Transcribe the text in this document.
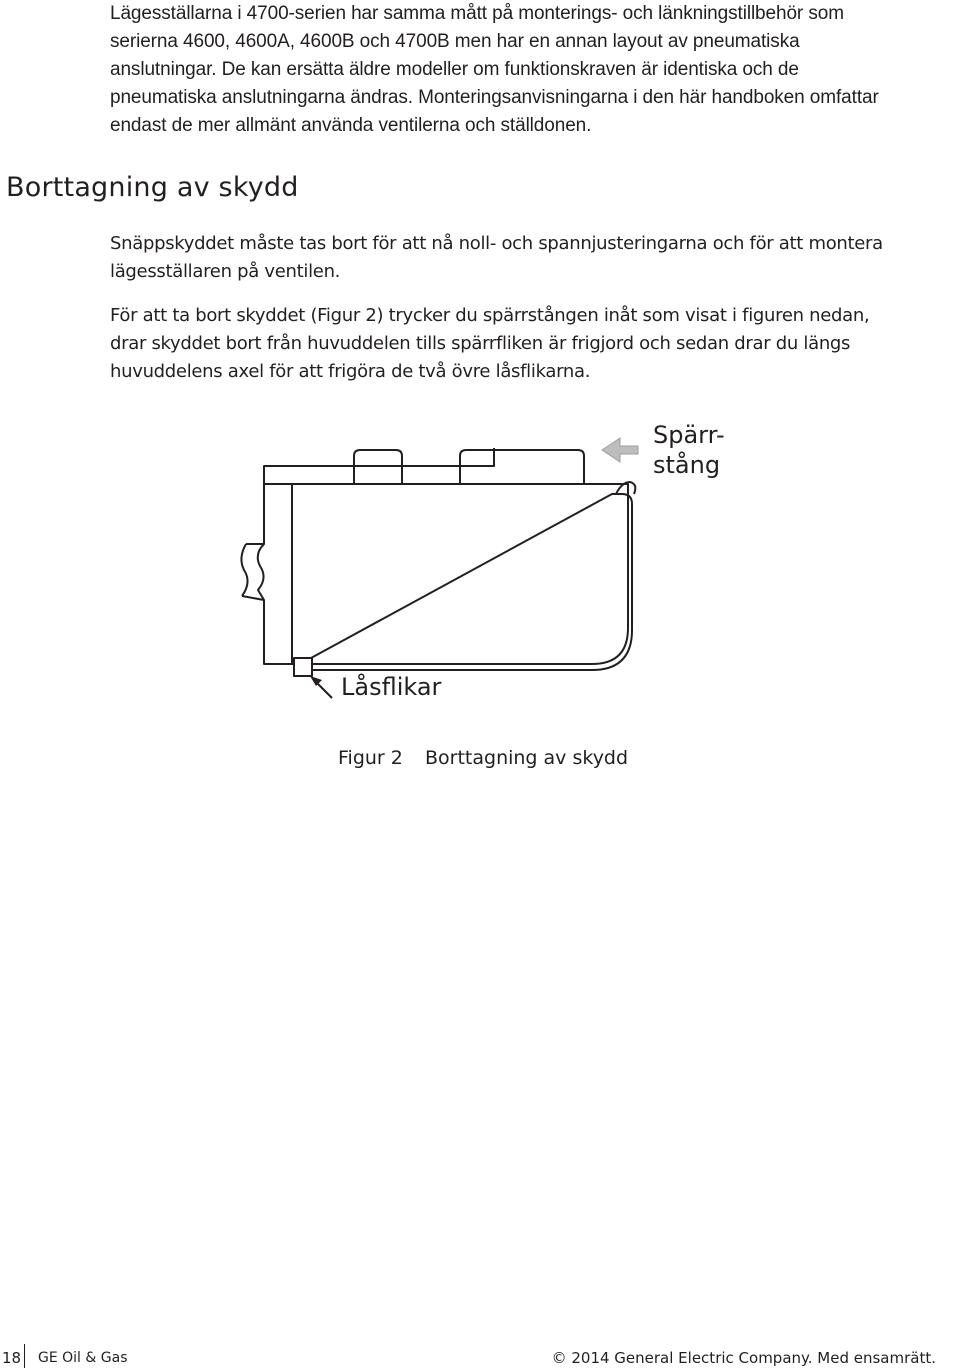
Lägesställarna i 4700-serien har samma mått på monterings- och länkningstillbehör som
serierna 4600, 4600A, 4600B och 4700B men har en annan layout av pneumatiska
anslutningar. De kan ersätta äldre modeller om funktionskraven är identiska och de
pneumatiska anslutningarna ändras. Monteringsanvisningarna i den här handboken omfattar
endast de mer allmänt använda ventilerna och ställdonen.
Borttagning av skydd
Snäppskyddet måste tas bort för att nå noll- och spannjusteringarna och för att montera
lägesställaren på ventilen.
För att ta bort skyddet (Figur 2) trycker du spärrstången inåt som visat i figuren nedan,
drar skyddet bort från huvuddelen tills spärrfliken är frigjord och sedan drar du längs
huvuddelens axel för att frigöra de två övre låsflikarna.
Spärr-
stång
Låsflikar
Figur 2 Borttagning av skydd
18 GE Oil & Gas	© 2014 General Electric Company. Med ensamrätt.
